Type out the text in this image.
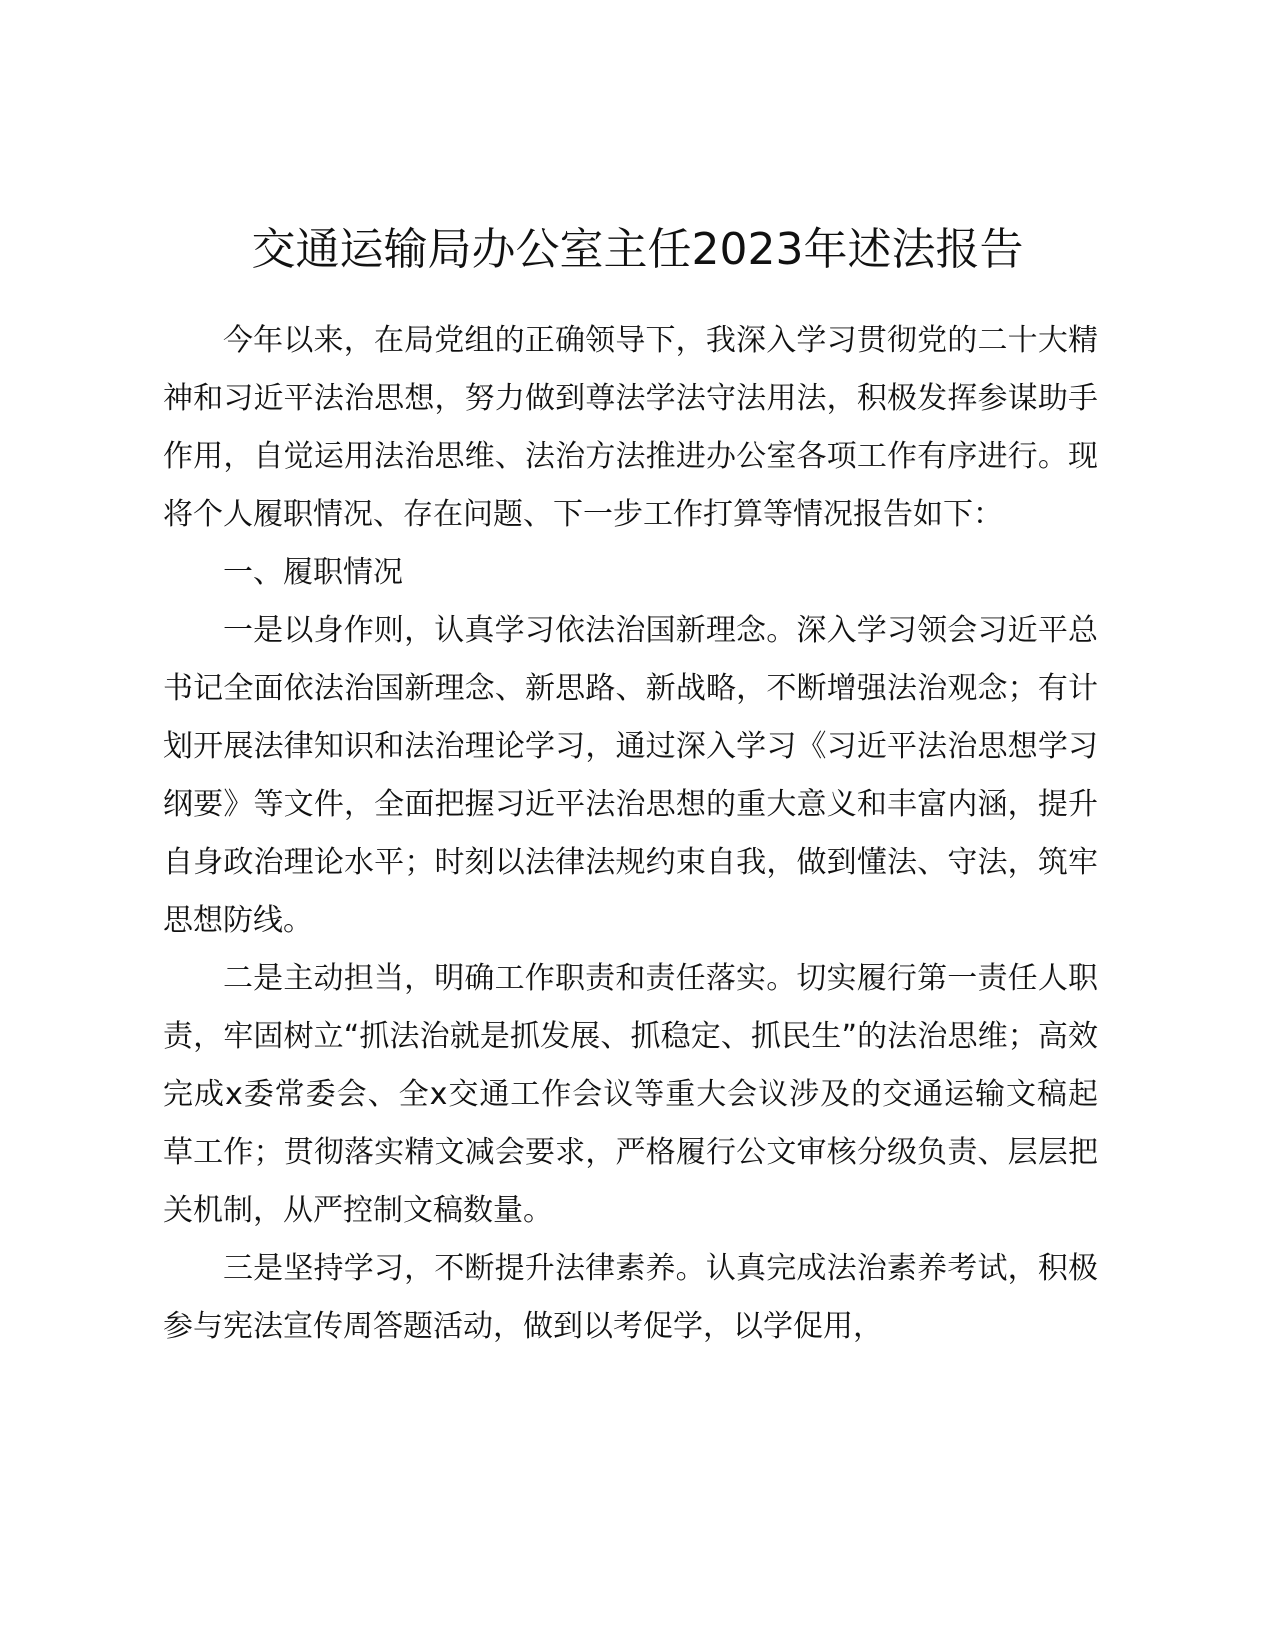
交通运输局办公室主任2023年述法报告

今年以来，在局党组的正确领导下，我深入学习贯彻党的二十大精神和习近平法治思想，努力做到尊法学法守法用法，积极发挥参谋助手作用，自觉运用法治思维、法治方法推进办公室各项工作有序进行。现将个人履职情况、存在问题、下一步工作打算等情况报告如下：

一、履职情况

一是以身作则，认真学习依法治国新理念。深入学习领会习近平总书记全面依法治国新理念、新思路、新战略，不断增强法治观念；有计划开展法律知识和法治理论学习，通过深入学习《习近平法治思想学习纲要》等文件，全面把握习近平法治思想的重大意义和丰富内涵，提升自身政治理论水平；时刻以法律法规约束自我，做到懂法、守法，筑牢思想防线。

二是主动担当，明确工作职责和责任落实。切实履行第一责任人职责，牢固树立“抓法治就是抓发展、抓稳定、抓民生”的法治思维；高效完成x委常委会、全x交通工作会议等重大会议涉及的交通运输文稿起草工作；贯彻落实精文减会要求，严格履行公文审核分级负责、层层把关机制，从严控制文稿数量。

三是坚持学习，不断提升法律素养。认真完成法治素养考试，积极参与宪法宣传周答题活动，做到以考促学，以学促用，
